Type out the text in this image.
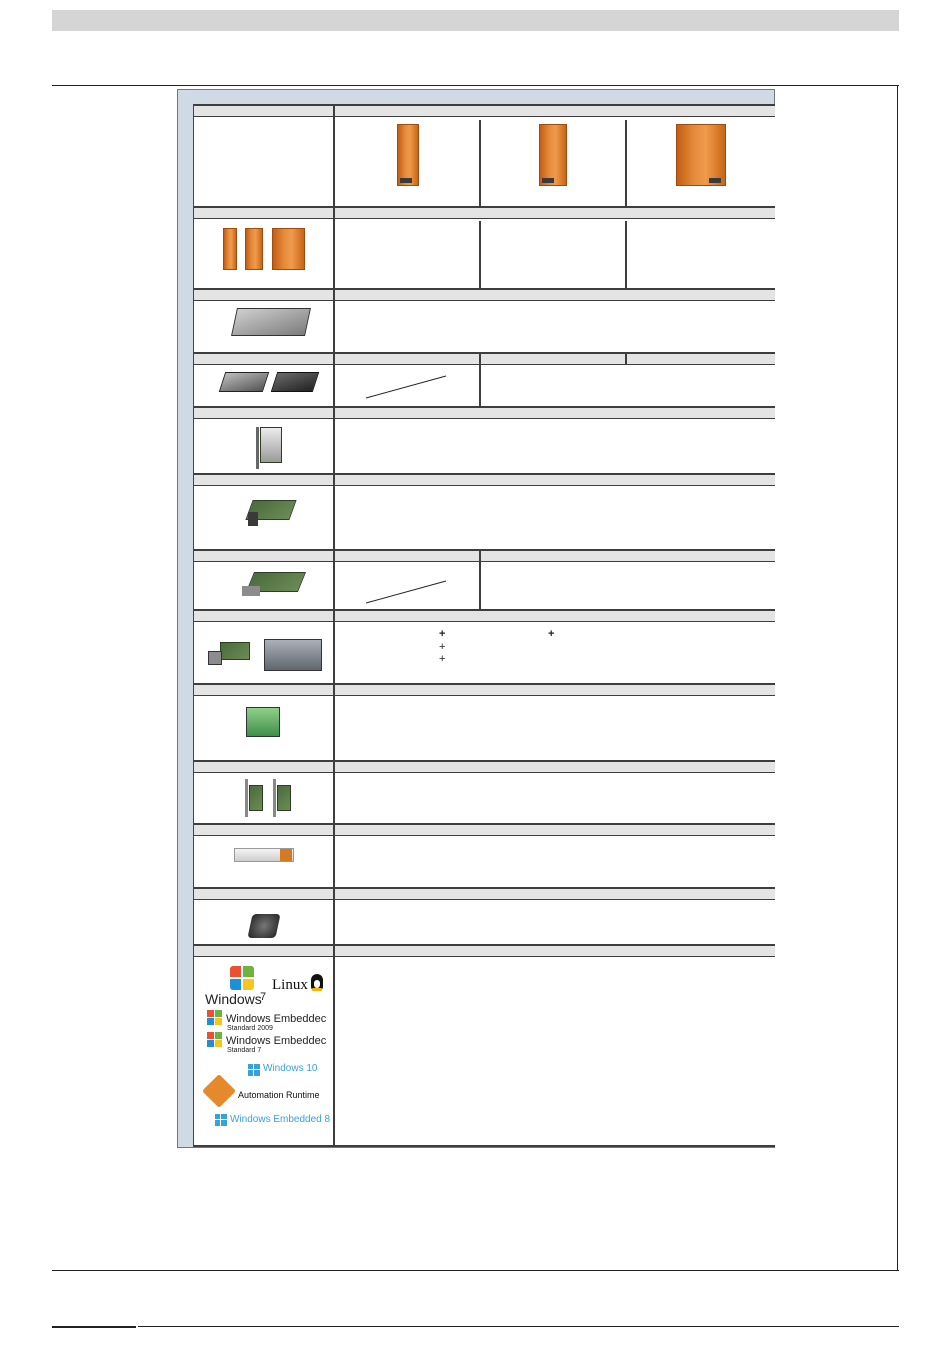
+	+
+
+
Windows
7
Linux
Windows Embeddec
Standard 2009
Windows Embeddec
Standard 7
Windows 10
Automation Runtime
Windows Embedded 8
